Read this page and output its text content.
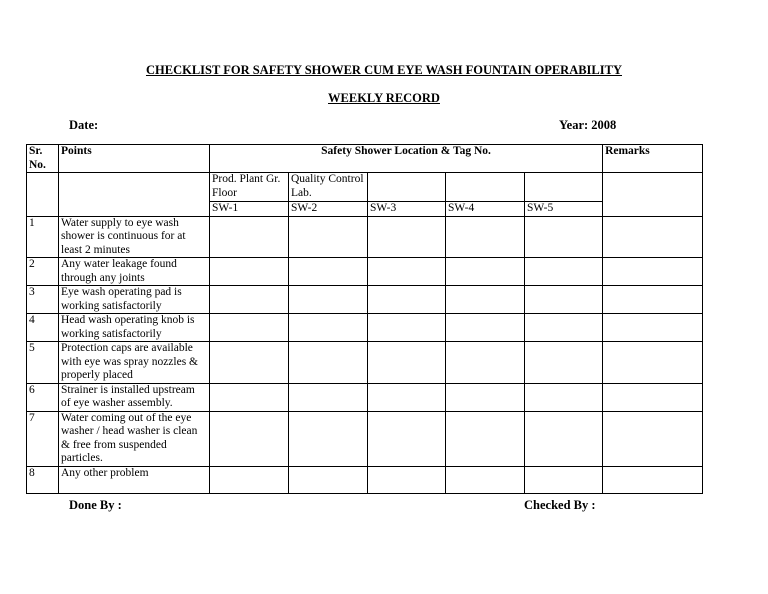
CHECKLIST FOR SAFETY SHOWER CUM EYE WASH FOUNTAIN OPERABILITY
WEEKLY RECORD
Date:	Year: 2008
Sr. No.	Points	Safety Shower Location & Tag No.					Remarks
		Prod. Plant Gr. Floor	Quality Control Lab.				
		SW-1	SW-2	SW-3	SW-4	SW-5	
1	Water supply to eye wash shower is continuous for at least 2 minutes						
2	Any water leakage found through any joints						
3	Eye wash operating pad is working satisfactorily						
4	Head wash operating knob is working satisfactorily						
5	Protection caps are available with eye was spray nozzles & properly placed						
6	Strainer is installed upstream of eye washer assembly.						
7	Water coming out of the eye washer / head washer is clean & free from suspended particles.						
8	Any other problem						
Done By :	Checked By :
